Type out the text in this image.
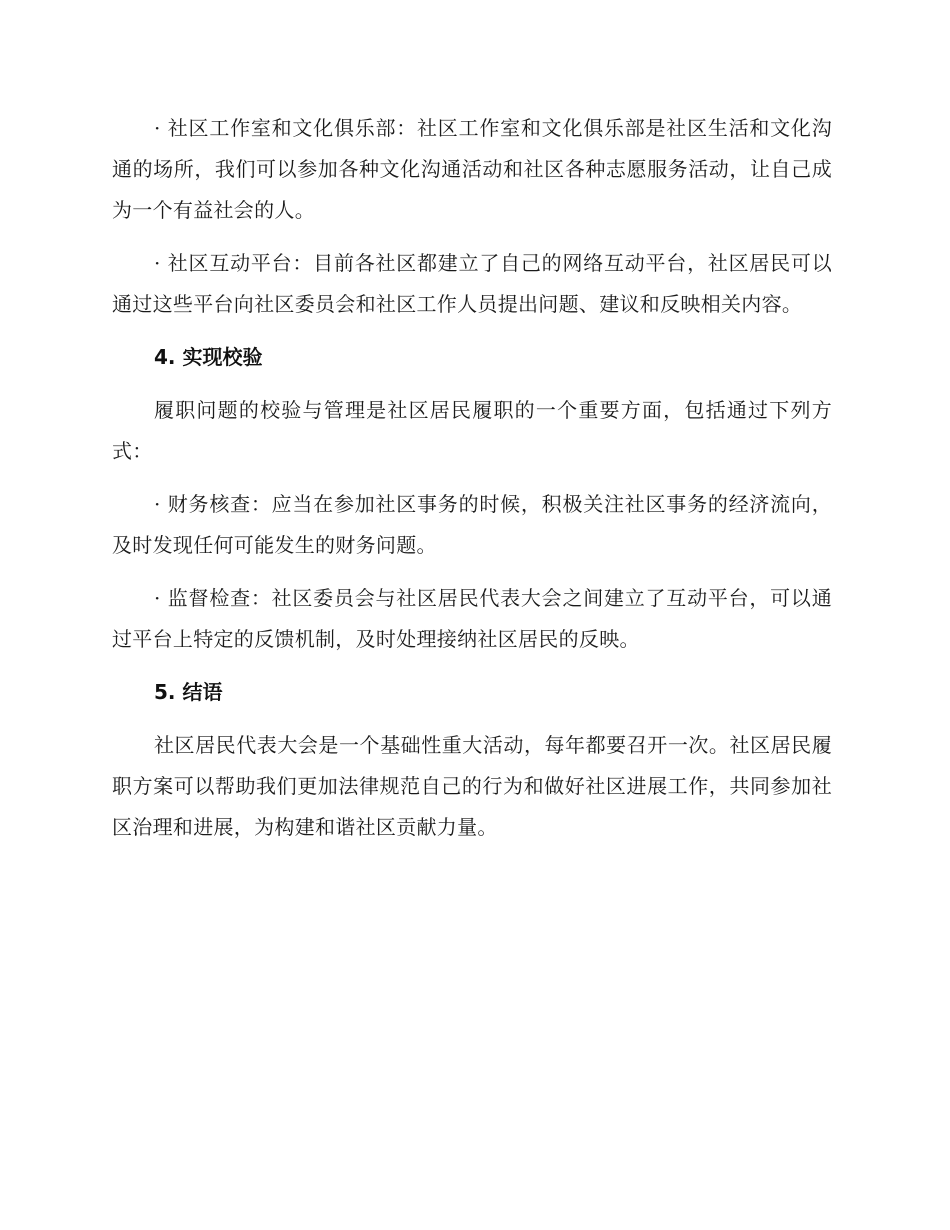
· 社区工作室和文化俱乐部：社区工作室和文化俱乐部是社区生活和文化沟通的场所，我们可以参加各种文化沟通活动和社区各种志愿服务活动，让自己成为一个有益社会的人。

· 社区互动平台：目前各社区都建立了自己的网络互动平台，社区居民可以通过这些平台向社区委员会和社区工作人员提出问题、建议和反映相关内容。

4. 实现校验

履职问题的校验与管理是社区居民履职的一个重要方面，包括通过下列方式：

· 财务核查：应当在参加社区事务的时候，积极关注社区事务的经济流向，及时发现任何可能发生的财务问题。

· 监督检查：社区委员会与社区居民代表大会之间建立了互动平台，可以通过平台上特定的反馈机制，及时处理接纳社区居民的反映。

5. 结语

社区居民代表大会是一个基础性重大活动，每年都要召开一次。社区居民履职方案可以帮助我们更加法律规范自己的行为和做好社区进展工作，共同参加社区治理和进展，为构建和谐社区贡献力量。
